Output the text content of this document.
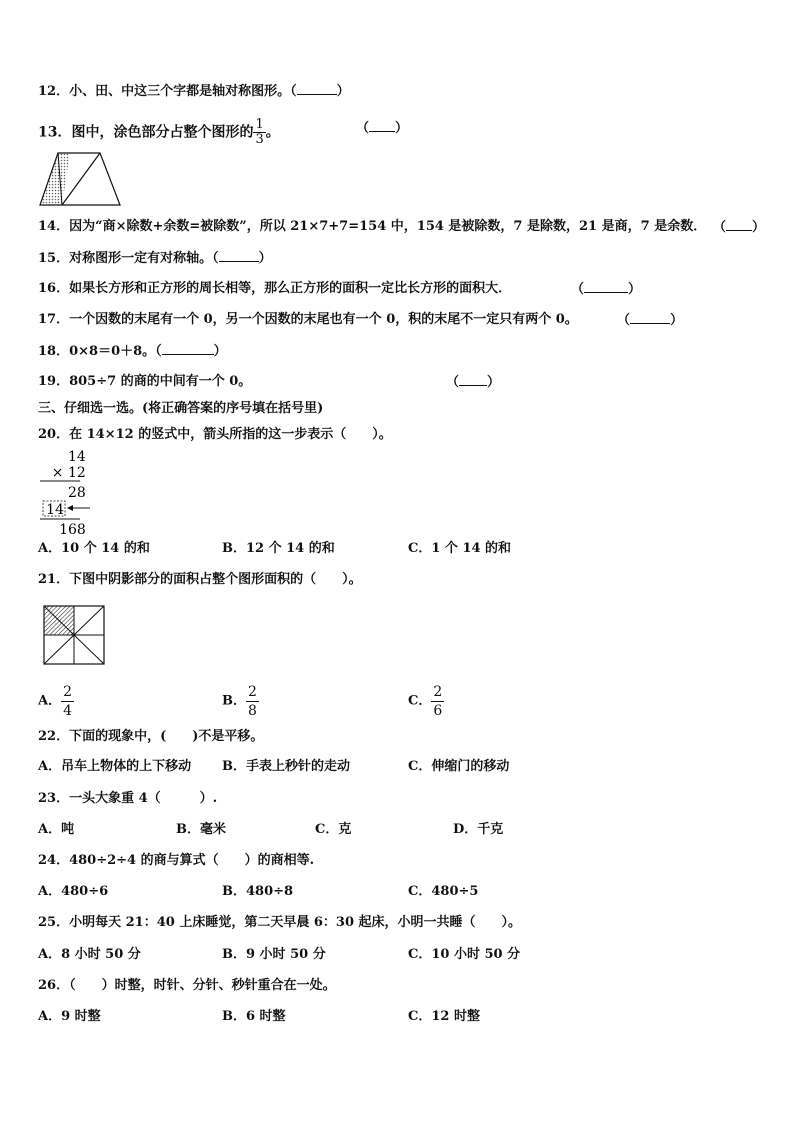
12．小、田、中这三个字都是轴对称图形。（	）
13．图中，涂色部分占整个图形的 $\frac{1}{3}$ 。	（ ）
14．因为“商×除数+余数=被除数”，所以 21×7+7=154 中，154 是被除数，7 是除数，21 是商，7 是余数． （ ）
15．对称图形一定有对称轴。（	）
16．如果长方形和正方形的周长相等，那么正方形的面积一定比长方形的面积大．	（	）
17．一个因数的末尾有一个 0，另一个因数的末尾也有一个 0，积的末尾不一定只有两个 0。	（	）
18．0×8＝0＋8。（	）
19．805÷7 的商的中间有一个 0。	（ ）
三、仔细选一选。(将正确答案的序号填在括号里)
20．在 14×12 的竖式中，箭头所指的这一步表示（　　）。
14
× 12
28
14
168
A．10 个 14 的和	B．12 个 14 的和	C．1 个 14 的和
21．下图中阴影部分的面积占整个图形面积的（　　）。
A． $\frac{2}{4}$	B． $\frac{2}{8}$	C． $\frac{2}{6}$
22．下面的现象中，(　　)不是平移。
A．吊车上物体的上下移动 B．手表上秒针的走动	C．伸缩门的移动
23．一头大象重 4（　　　）.
A．吨	B．毫米	C．克	D．千克
24．480÷2÷4 的商与算式（　　）的商相等.
A．480÷6	B．480÷8	C．480÷5
25．小明每天 21：40 上床睡觉，第二天早晨 6：30 起床，小明一共睡（　　）。
A．8 小时 50 分	B．9 小时 50 分	C．10 小时 50 分
26．（　　）时整，时针、分针、秒针重合在一处。
A．9 时整	B．6 时整	C．12 时整
